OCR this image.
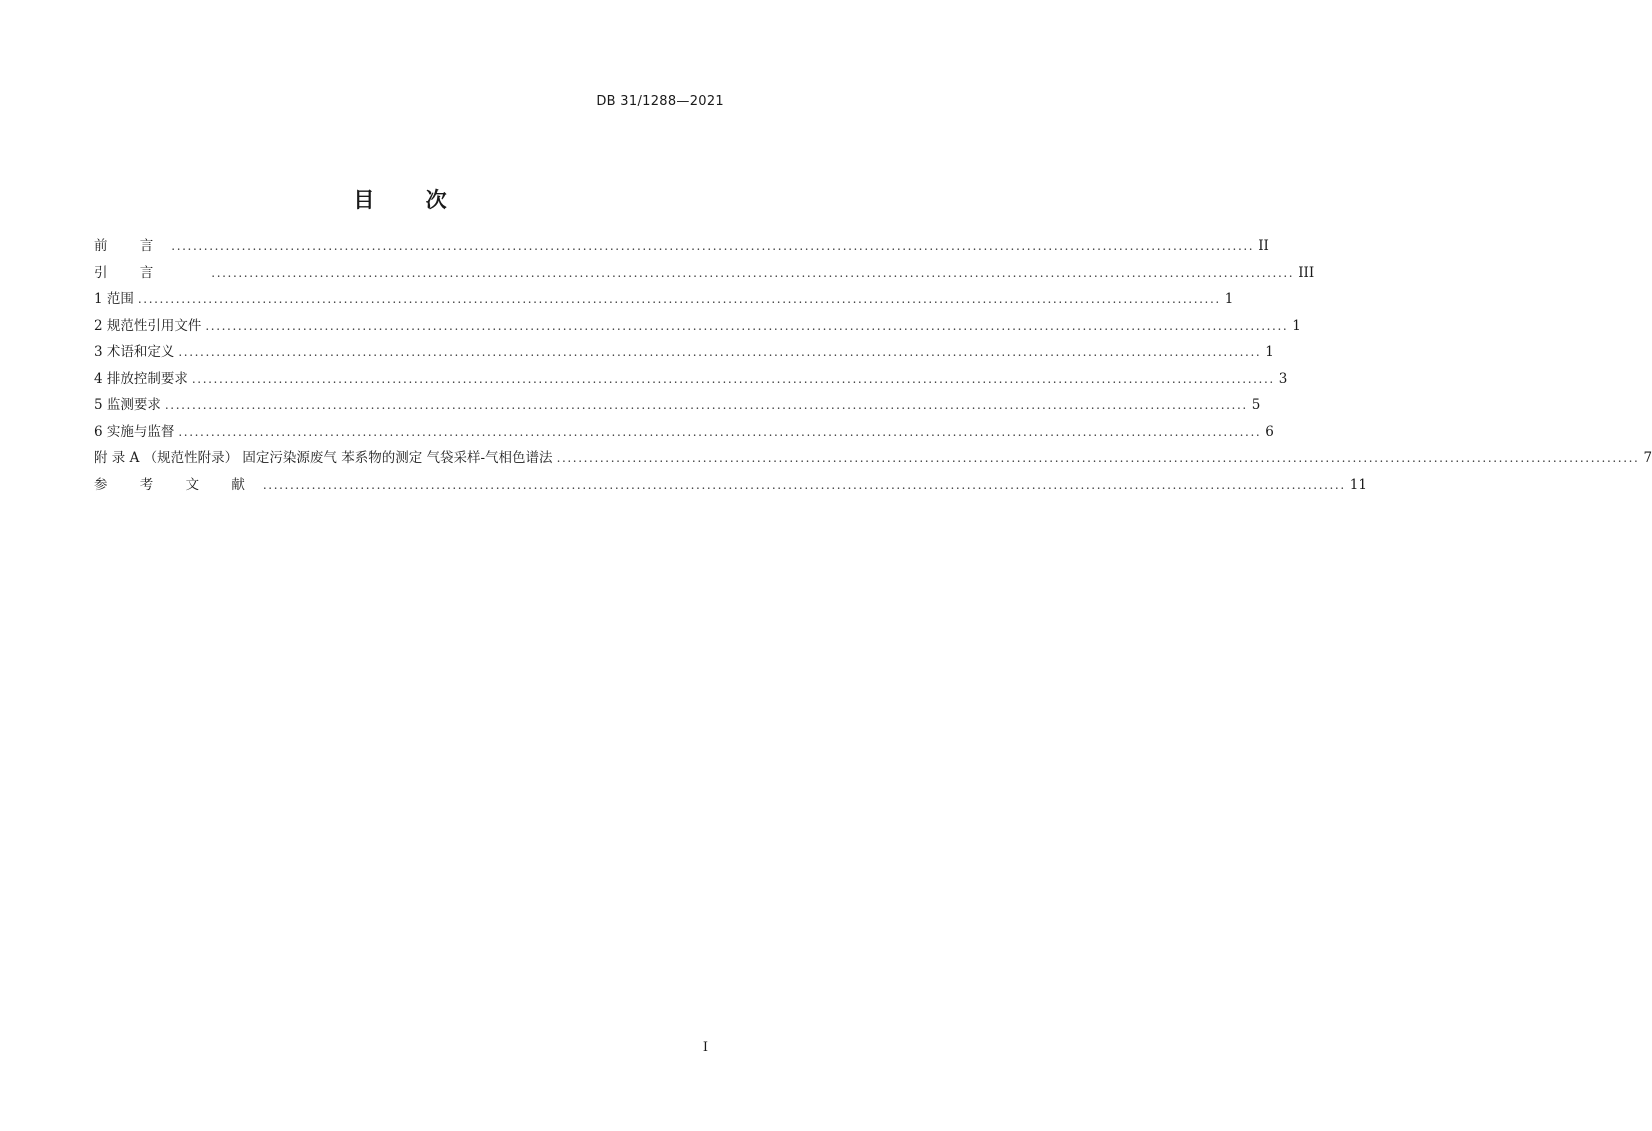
DB 31/1288—2021
目 次
前 言 ........................................................................................................................................................................................................ II
引 言	........................................................................................................................................................................................................ III
1 范围 ........................................................................................................................................................................................................ 1
2 规范性引用文件 ........................................................................................................................................................................................................ 1
3 术语和定义 ........................................................................................................................................................................................................ 1
4 排放控制要求 ........................................................................................................................................................................................................ 3
5 监测要求 ........................................................................................................................................................................................................ 5
6 实施与监督 ........................................................................................................................................................................................................ 6
附 录 A （规范性附录） 固定污染源废气 苯系物的测定 气袋采样-气相色谱法 ........................................................................................................................................................................................................ 7
参 考 文 献 ........................................................................................................................................................................................................ 11
I
